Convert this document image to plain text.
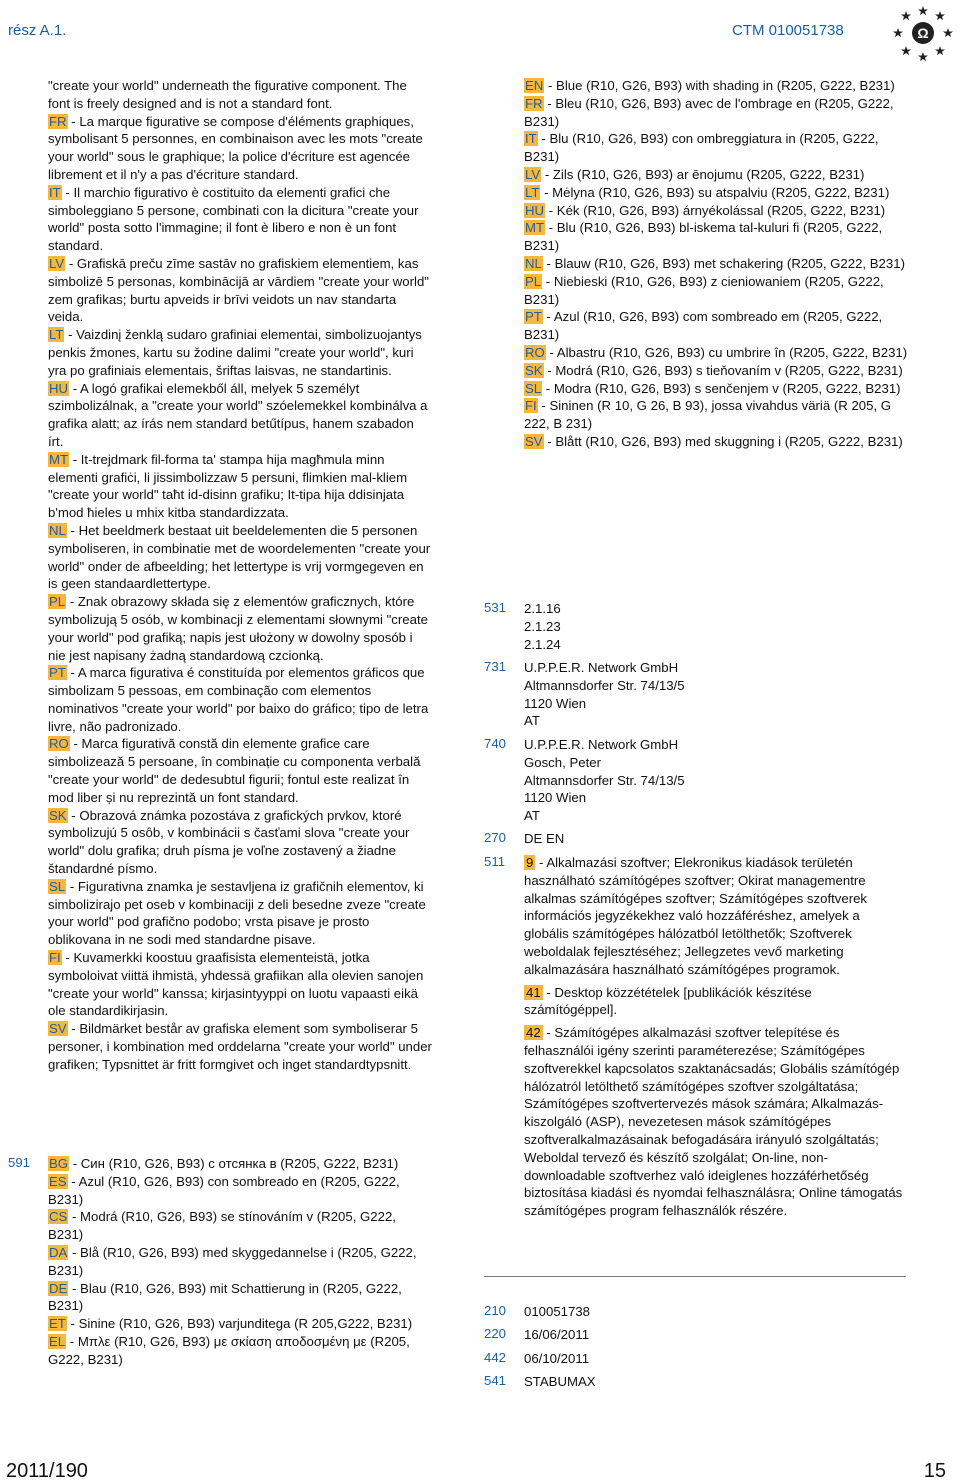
rész A.1.	CTM 010051738	Ω

"create your world" underneath the figurative component. The font is freely designed and is not a standard font.

FR - La marque figurative se compose d'éléments graphiques, symbolisant 5 personnes, en combinaison avec les mots "create your world" sous le graphique; la police d'écriture est agencée librement et il n'y a pas d'écriture standard.

IT - Il marchio figurativo è costituito da elementi grafici che simboleggiano 5 persone, combinati con la dicitura "create your world" posta sotto l'immagine; il font è libero e non è un font standard.

LV - Grafiskā preču zīme sastāv no grafiskiem elementiem, kas simbolizē 5 personas, kombinācijā ar vārdiem "create your world" zem grafikas; burtu apveids ir brīvi veidots un nav standarta veida.

LT - Vaizdinį ženklą sudaro grafiniai elementai, simbolizuojantys penkis žmones, kartu su žodine dalimi "create your world", kuri yra po grafiniais elementais, šriftas laisvas, ne standartinis.

HU - A logó grafikai elemekből áll, melyek 5 személyt szimbolizálnak, a "create your world" szóelemekkel kombinálva a grafika alatt; az írás nem standard betűtípus, hanem szabadon írt.

MT - It-trejdmark fil-forma ta' stampa hija magħmula minn elementi grafiċi, li jissimbolizzaw 5 persuni, flimkien mal-kliem "create your world" taħt id-disinn grafiku; It-tipa hija ddisinjata b'mod ħieles u mhix kitba standardizzata.

NL - Het beeldmerk bestaat uit beeldelementen die 5 personen symboliseren, in combinatie met de woordelementen "create your world" onder de afbeelding; het lettertype is vrij vormgegeven en is geen standaardlettertype.

PL - Znak obrazowy składa się z elementów graficznych, które symbolizują 5 osób, w kombinacji z elementami słownymi "create your world" pod grafiką; napis jest ułożony w dowolny sposób i nie jest napisany żadną standardową czcionką.

PT - A marca figurativa é constituída por elementos gráficos que simbolizam 5 pessoas, em combinação com elementos nominativos "create your world" por baixo do gráfico; tipo de letra livre, não padronizado.

RO - Marca figurativă constă din elemente grafice care simbolizează 5 persoane, în combinație cu componenta verbală "create your world" de dedesubtul figurii; fontul este realizat în mod liber și nu reprezintă un font standard.

SK - Obrazová známka pozostáva z grafických prvkov, ktoré symbolizujú 5 osôb, v kombinácii s časťami slova "create your world" dolu grafika; druh písma je voľne zostavený a žiadne štandardné písmo.

SL - Figurativna znamka je sestavljena iz grafičnih elementov, ki simbolizirajo pet oseb v kombinaciji z deli besedne zveze "create your world" pod grafično podobo; vrsta pisave je prosto oblikovana in ne sodi med standardne pisave.

FI - Kuvamerkki koostuu graafisista elementeistä, jotka symboloivat viittä ihmistä, yhdessä grafiikan alla olevien sanojen "create your world" kanssa; kirjasintyyppi on luotu vapaasti eikä ole standardikirjasin.

SV - Bildmärket består av grafiska element som symboliserar 5 personer, i kombination med orddelarna "create your world" under grafiken; Typsnittet är fritt formgivet och inget standardtypsnitt.

591 BG - Син (R10, G26, B93) с отсянка в (R205, G222, B231)

ES - Azul (R10, G26, B93) con sombreado en (R205, G222, B231)

CS - Modrá (R10, G26, B93) se stínováním v (R205, G222, B231)

DA - Blå (R10, G26, B93) med skyggedannelse i (R205, G222, B231)

DE - Blau (R10, G26, B93) mit Schattierung in (R205, G222, B231)

ET - Sinine (R10, G26, B93) varjunditega (R 205,G222, B231)

EL - Μπλε (R10, G26, B93) με σκίαση αποδοσμένη με (R205, G222, B231)

EN - Blue (R10, G26, B93) with shading in (R205, G222, B231)

FR - Bleu (R10, G26, B93) avec de l'ombrage en (R205, G222, B231)

IT - Blu (R10, G26, B93) con ombreggiatura in (R205, G222, B231)

LV - Zils (R10, G26, B93) ar ēnojumu (R205, G222, B231)

LT - Mėlyna (R10, G26, B93) su atspalviu (R205, G222, B231)

HU - Kék (R10, G26, B93) árnyékolással (R205, G222, B231)

MT - Blu (R10, G26, B93) bl-iskema tal-kuluri fi (R205, G222, B231)

NL - Blauw (R10, G26, B93) met schakering (R205, G222, B231)

PL - Niebieski (R10, G26, B93) z cieniowaniem (R205, G222, B231)

PT - Azul (R10, G26, B93) com sombreado em (R205, G222, B231)

RO - Albastru (R10, G26, B93) cu umbrire în (R205, G222, B231)

SK - Modrá (R10, G26, B93) s tieňovaním v (R205, G222, B231)

SL - Modra (R10, G26, B93) s senčenjem v (R205, G222, B231)

FI - Sininen (R 10, G 26, B 93), jossa vivahdus väriä (R 205, G 222, B 231)

SV - Blått (R10, G26, B93) med skuggning i (R205, G222, B231)

531 2.1.16

2.1.23

2.1.24

731 U.P.P.E.R. Network GmbH

Altmannsdorfer Str. 74/13/5

1120 Wien

AT

740 U.P.P.E.R. Network GmbH

Gosch, Peter

Altmannsdorfer Str. 74/13/5

1120 Wien

AT

270 DE EN
511 9 - Alkalmazási szoftver; Elekronikus kiadások területén használható számítógépes szoftver; Okirat managementre alkalmas számítógépes szoftver; Számítógépes szoftverek információs jegyzékekhez való hozzáféréshez, amelyek a globális számítógépes hálózatból letölthetők; Szoftverek weboldalak fejlesztéséhez; Jellegzetes vevő marketing alkalmazására használható számítógépes programok.

41 - Desktop közzétételek [publikációk készítése számítógéppel].

42 - Számítógépes alkalmazási szoftver telepítése és felhasználói igény szerinti paraméterezése; Számítógépes szoftverekkel kapcsolatos szaktanácsadás; Globális számítógép hálózatról letölthető számítógépes szoftver szolgáltatása; Számítógépes szoftvertervezés mások számára; Alkalmazás-kiszolgáló (ASP), nevezetesen mások számítógépes szoftveralkalmazásainak befogadására irányuló szolgáltatás; Weboldal tervező és készítő szolgálat; On-line, non-downloadable szoftverhez való ideiglenes hozzáférhetőség biztosítása kiadási és nyomdai felhasználásra; Online támogatás számítógépes program felhasználók részére.

210 010051738
220 16/06/2011
442 06/10/2011
541 STABUMAX
2011/190	15
